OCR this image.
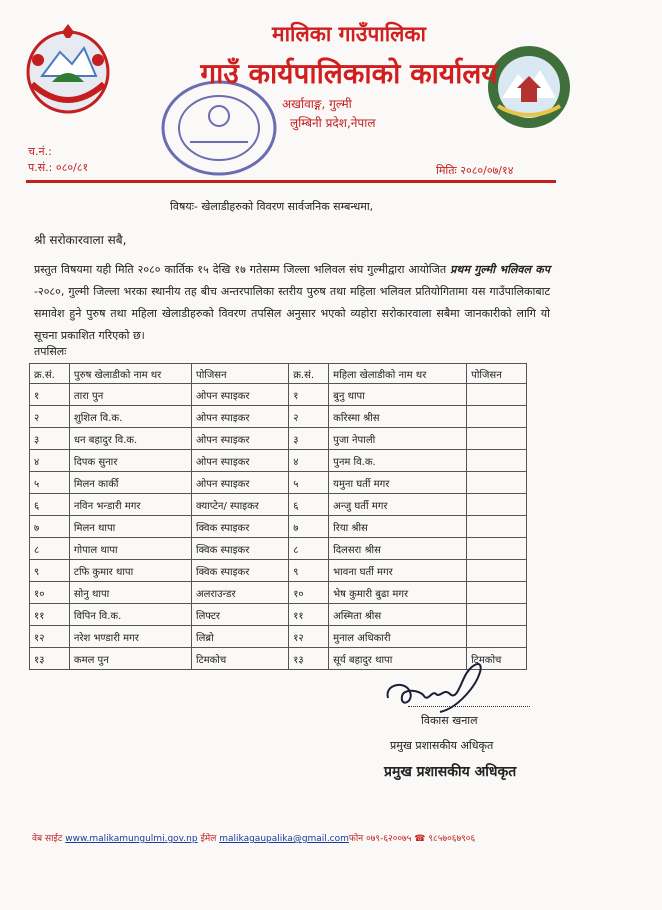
मालिका गाउँपालिका
गाउँ कार्यपालिकाको कार्यालय
अर्खावाङ्ग, गुल्मी
लुम्बिनी प्रदेश,नेपाल
च.नं.:
प.सं.: ०८०/८१	मितिः २०८०/०७/१४
विषयः- खेलाडीहरुको विवरण सार्वजनिक सम्बन्धमा,
श्री सरोकारवाला सबै,
प्रस्तुत विषयमा यही मिति २०८० कार्तिक १५ देखि १७ गतेसम्म जिल्ला भलिवल संघ गुल्मीद्वारा आयोजित प्रथम गुल्मी भलिवल कप -२०८०, गुल्मी जिल्ला भरका स्थानीय तह बीच अन्तरपालिका स्तरीय पुरुष तथा महिला भलिवल प्रतियोगितामा यस गाउँपालिकाबाट समावेश हुने पुरुष तथा महिला खेलाडीहरुको विवरण तपसिल अनुसार भएको व्यहोरा सरोकारवाला सबैमा जानकारीको लागि यो सूचना प्रकाशित गरिएको छ।
तपसिलः
क्र.सं.	पुरुष खेलाडीको नाम थर	पोजिसन	क्र.सं.	महिला खेलाडीको नाम थर	पोजिसन
१	तारा पुन	ओपन स्पाइकर	१	बुनु थापा	
२	शुशिल वि.क.	ओपन स्पाइकर	२	करिस्मा श्रीस	
३	धन बहादुर वि.क.	ओपन स्पाइकर	३	पुजा नेपाली	
४	दिपक सुनार	ओपन स्पाइकर	४	पुनम वि.क.	
५	मिलन कार्की	ओपन स्पाइकर	५	यमुना घर्ती मगर	
६	नविन भन्डारी मगर	क्याप्टेन/ स्पाइकर	६	अन्जु घर्ती मगर	
७	मिलन थापा	क्विक स्पाइकर	७	रिया श्रीस	
८	गोपाल थापा	क्विक स्पाइकर	८	दिलसरा श्रीस	
९	टफि कुमार थापा	क्विक स्पाइकर	९	भावना घर्ती मगर	
१०	सोनु थापा	अलराउन्डर	१०	भेष कुमारी बुढा मगर	
११	विपिन वि.क.	लिफ्टर	११	अस्मिता श्रीस	
१२	नरेश भण्डारी मगर	लिब्रो	१२	मुनाल अधिकारी	
१३	कमल पुन	टिमकोच	१३	सूर्य बहादुर थापा	टिमकोच
विकास खनाल
प्रमुख प्रशासकीय अधिकृत
प्रमुख प्रशासकीय अधिकृत
वेब साईट www.malikamungulmi.gov.np ईमेल malikagaupalika@gmail.comफोन ०७९-६२००७५ ☎ ९८५७०६७९०६
